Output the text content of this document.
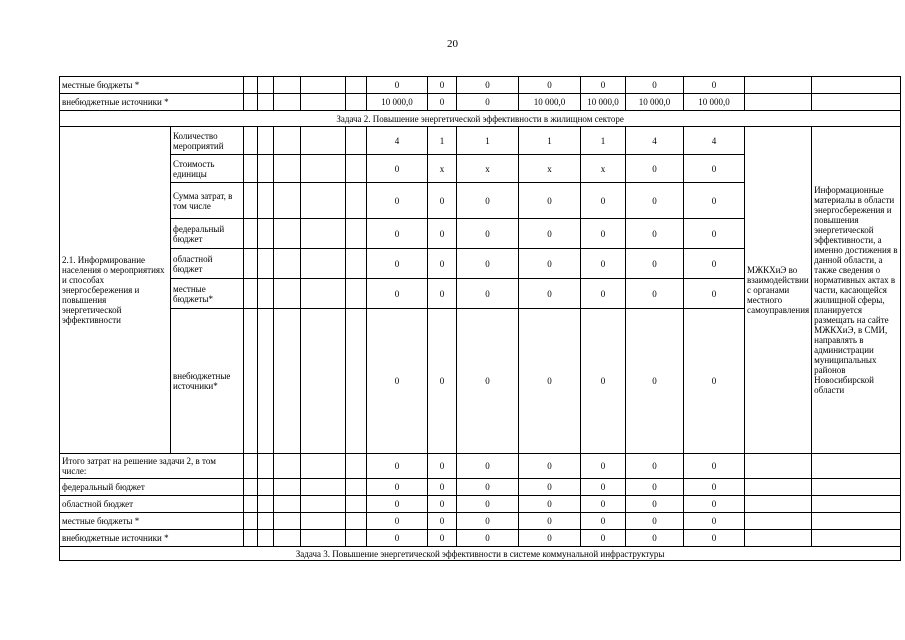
20
местные бюджеты *							0	0	0	0	0	0	0		
внебюджетные источники *							10 000,0	0	0	10 000,0	10 000,0	10 000,0	10 000,0		
Задача 2. Повышение энергетической эффективности в жилищном секторе															
2.1. Информирование населения о мероприятиях и способах энергосбережения и повышения энергетической эффективности	Количество мероприятий						4	1	1	1	1	4	4	МЖКХиЭ во взаимодействии с органами местного самоуправления	Информационные материалы в области энергосбережения и повышения энергетической эффективности, а именно достижения в данной области, а также сведения о нормативных актах в части, касающейся жилищной сферы, планируется размещать на сайте МЖКХиЭ, в СМИ, направлять в администрации муниципальных районов Новосибирской области
	Стоимость единицы						0	х	х	х	х	0	0		
	Сумма затрат, в том числе						0	0	0	0	0	0	0		
	федеральный бюджет						0	0	0	0	0	0	0		
	областной бюджет						0	0	0	0	0	0	0		
	местные бюджеты*						0	0	0	0	0	0	0		
	внебюджетные источники*						0	0	0	0	0	0	0		
Итого затрат на решение задачи 2, в том числе:							0	0	0	0	0	0	0		
федеральный бюджет							0	0	0	0	0	0	0		
областной бюджет							0	0	0	0	0	0	0		
местные бюджеты *							0	0	0	0	0	0	0		
внебюджетные источники *							0	0	0	0	0	0	0		
Задача 3. Повышение энергетической эффективности в системе коммунальной инфраструктуры															
